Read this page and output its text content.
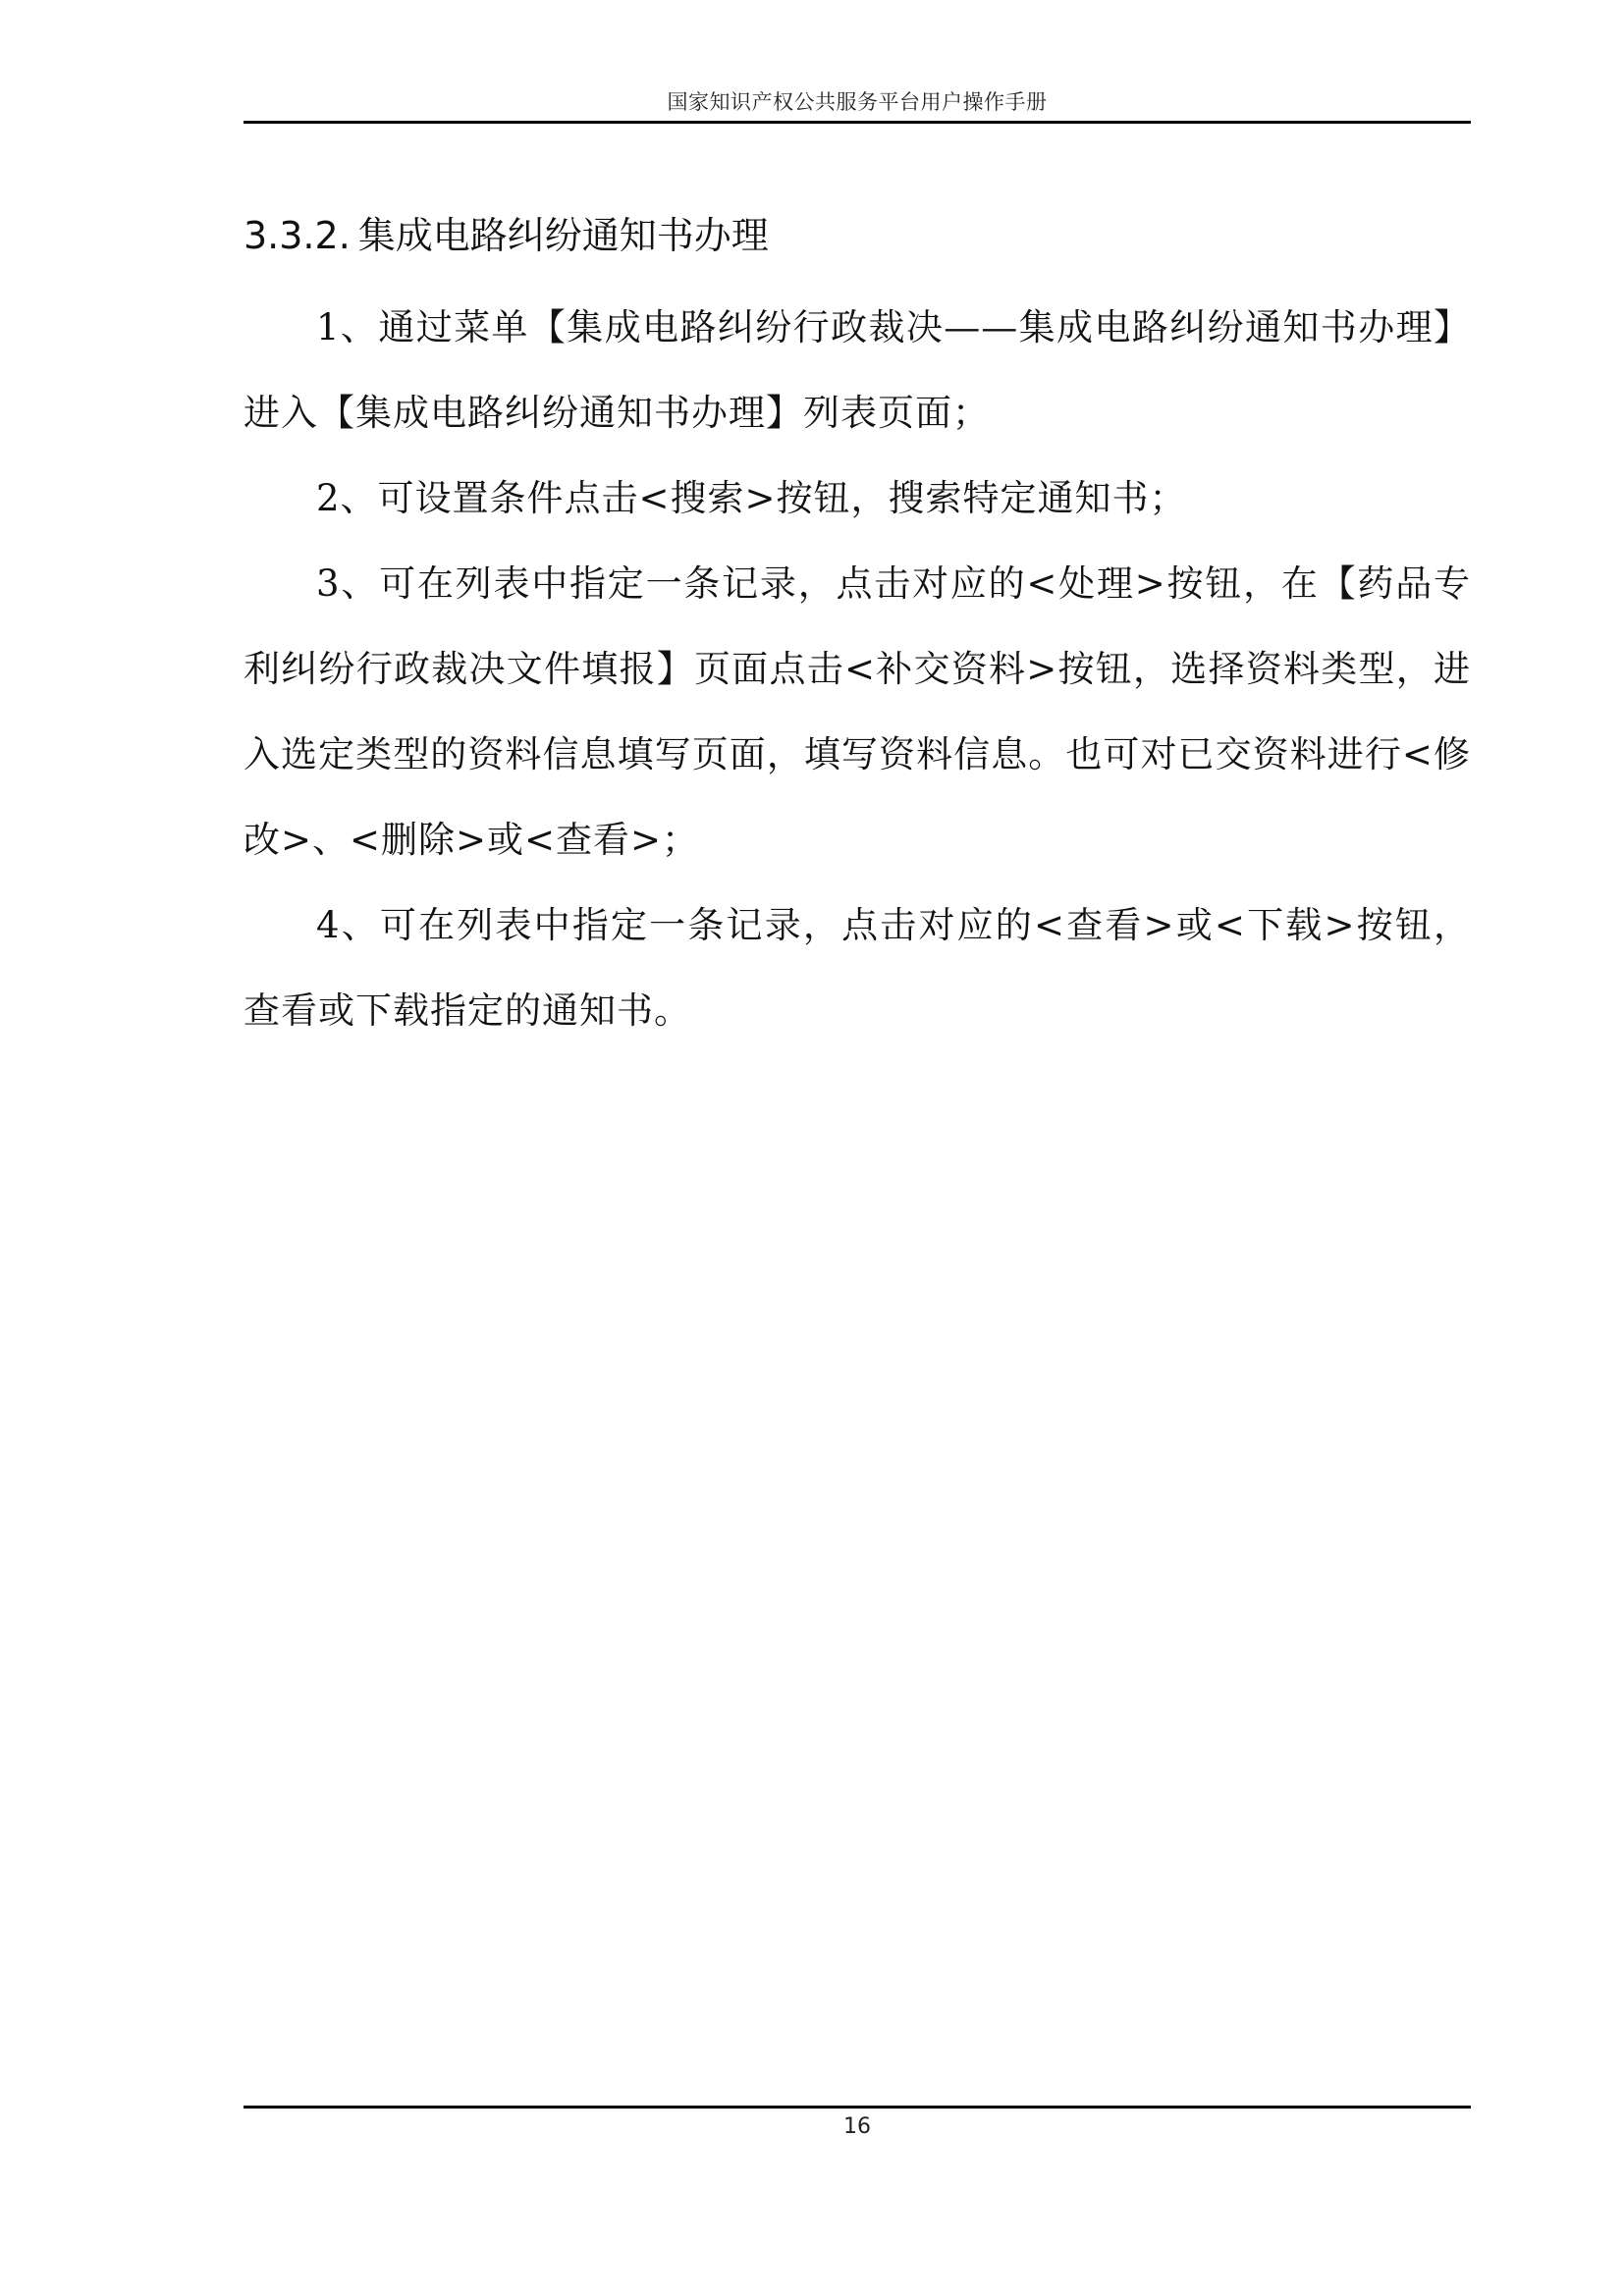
国家知识产权公共服务平台用户操作手册
3.3.2. 集成电路纠纷通知书办理

1、通过菜单【集成电路纠纷行政裁决——集成电路纠纷通知书办理】进入【集成电路纠纷通知书办理】列表页面；

2、可设置条件点击<搜索>按钮，搜索特定通知书；

3、可在列表中指定一条记录，点击对应的<处理>按钮，在【药品专利纠纷行政裁决文件填报】页面点击<补交资料>按钮，选择资料类型，进入选定类型的资料信息填写页面，填写资料信息。也可对已交资料进行<修改>、<删除>或<查看>；

4、可在列表中指定一条记录，点击对应的<查看>或<下载>按钮，查看或下载指定的通知书。

16
